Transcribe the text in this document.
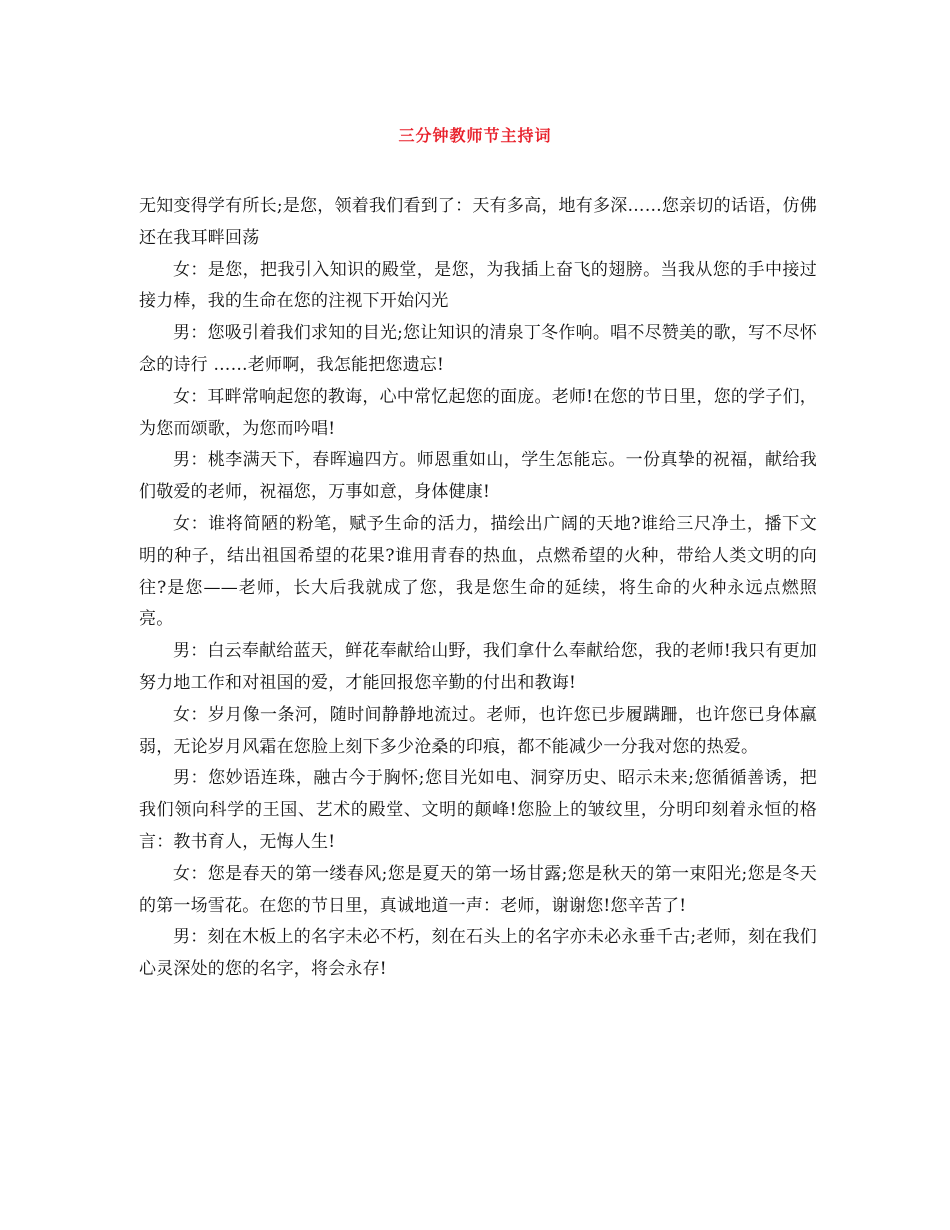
三分钟教师节主持词

无知变得学有所长;是您，领着我们看到了：天有多高，地有多深……您亲切的话语，仿佛还在我耳畔回荡

女：是您，把我引入知识的殿堂，是您，为我插上奋飞的翅膀。当我从您的手中接过接力棒，我的生命在您的注视下开始闪光

男：您吸引着我们求知的目光;您让知识的清泉丁冬作响。唱不尽赞美的歌，写不尽怀念的诗行 ……老师啊，我怎能把您遗忘!

女：耳畔常响起您的教诲，心中常忆起您的面庞。老师!在您的节日里，您的学子们，为您而颂歌，为您而吟唱!

男：桃李满天下，春晖遍四方。师恩重如山，学生怎能忘。一份真挚的祝福，献给我们敬爱的老师，祝福您，万事如意，身体健康!

女：谁将简陋的粉笔，赋予生命的活力，描绘出广阔的天地?谁给三尺净土，播下文明的种子，结出祖国希望的花果?谁用青春的热血，点燃希望的火种，带给人类文明的向往?是您——老师，长大后我就成了您，我是您生命的延续，将生命的火种永远点燃照亮。

男：白云奉献给蓝天，鲜花奉献给山野，我们拿什么奉献给您，我的老师!我只有更加努力地工作和对祖国的爱，才能回报您辛勤的付出和教诲!

女：岁月像一条河，随时间静静地流过。老师，也许您已步履蹒跚，也许您已身体羸弱，无论岁月风霜在您脸上刻下多少沧桑的印痕，都不能减少一分我对您的热爱。

男：您妙语连珠，融古今于胸怀;您目光如电、洞穿历史、昭示未来;您循循善诱，把我们领向科学的王国、艺术的殿堂、文明的颠峰!您脸上的皱纹里，分明印刻着永恒的格言：教书育人，无悔人生!

女：您是春天的第一缕春风;您是夏天的第一场甘露;您是秋天的第一束阳光;您是冬天的第一场雪花。在您的节日里，真诚地道一声：老师，谢谢您!您辛苦了!

男：刻在木板上的名字未必不朽，刻在石头上的名字亦未必永垂千古;老师，刻在我们心灵深处的您的名字，将会永存!
